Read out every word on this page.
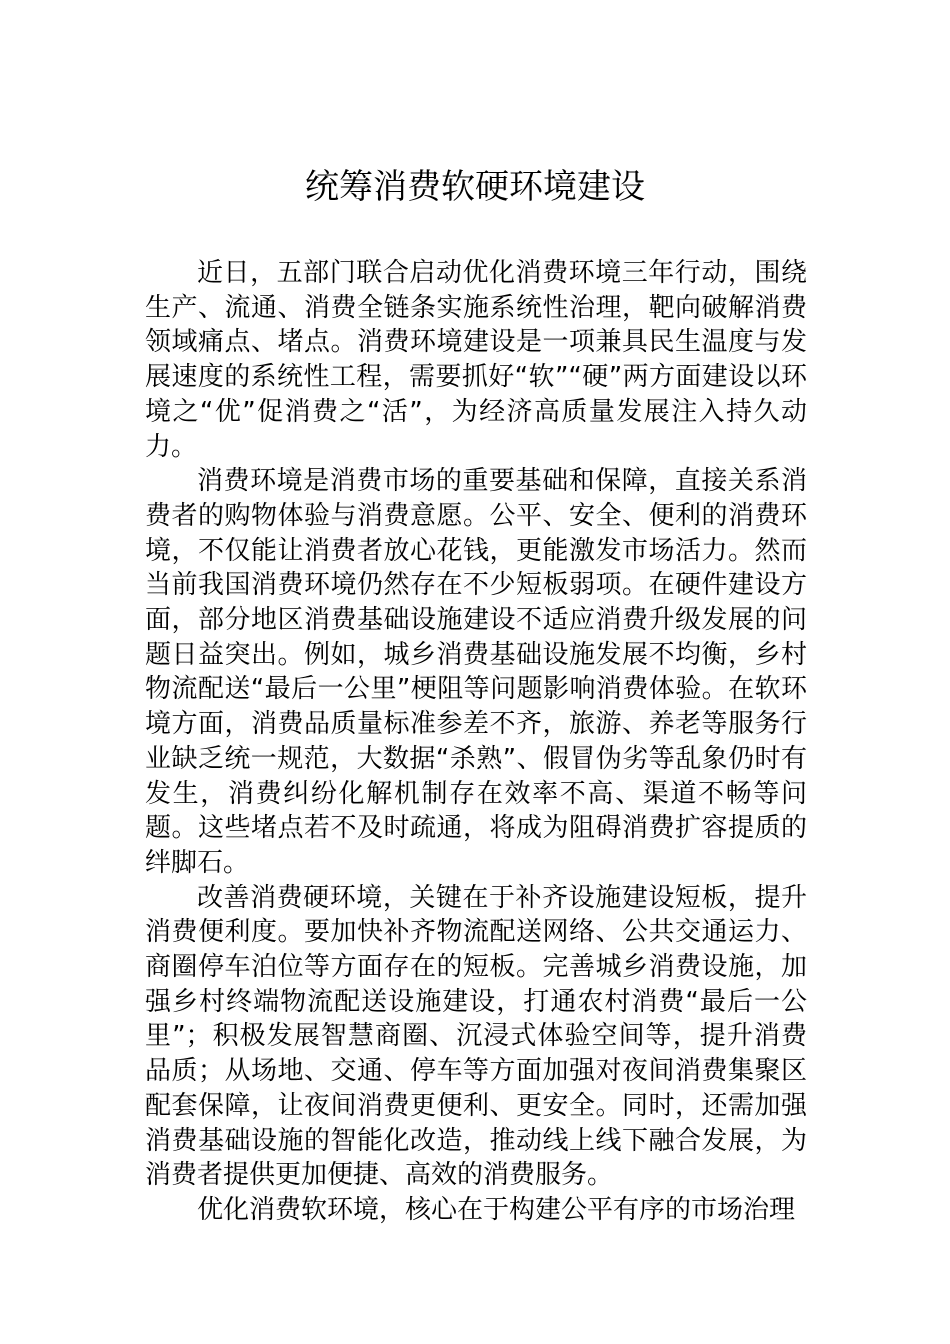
统筹消费软硬环境建设

近日，五部门联合启动优化消费环境三年行动，围绕生产、流通、消费全链条实施系统性治理，靶向破解消费领域痛点、堵点。消费环境建设是一项兼具民生温度与发展速度的系统性工程，需要抓好“软”“硬”两方面建设以环境之“优”促消费之“活”，为经济高质量发展注入持久动力。

消费环境是消费市场的重要基础和保障，直接关系消费者的购物体验与消费意愿。公平、安全、便利的消费环境，不仅能让消费者放心花钱，更能激发市场活力。然而当前我国消费环境仍然存在不少短板弱项。在硬件建设方面，部分地区消费基础设施建设不适应消费升级发展的问题日益突出。例如，城乡消费基础设施发展不均衡，乡村物流配送“最后一公里”梗阻等问题影响消费体验。在软环境方面，消费品质量标准参差不齐，旅游、养老等服务行业缺乏统一规范，大数据“杀熟”、假冒伪劣等乱象仍时有发生，消费纠纷化解机制存在效率不高、渠道不畅等问题。这些堵点若不及时疏通，将成为阻碍消费扩容提质的绊脚石。

改善消费硬环境，关键在于补齐设施建设短板，提升消费便利度。要加快补齐物流配送网络、公共交通运力、商圈停车泊位等方面存在的短板。完善城乡消费设施，加强乡村终端物流配送设施建设，打通农村消费“最后一公里”；积极发展智慧商圈、沉浸式体验空间等，提升消费品质；从场地、交通、停车等方面加强对夜间消费集聚区配套保障，让夜间消费更便利、更安全。同时，还需加强消费基础设施的智能化改造，推动线上线下融合发展，为消费者提供更加便捷、高效的消费服务。

优化消费软环境，核心在于构建公平有序的市场治理
